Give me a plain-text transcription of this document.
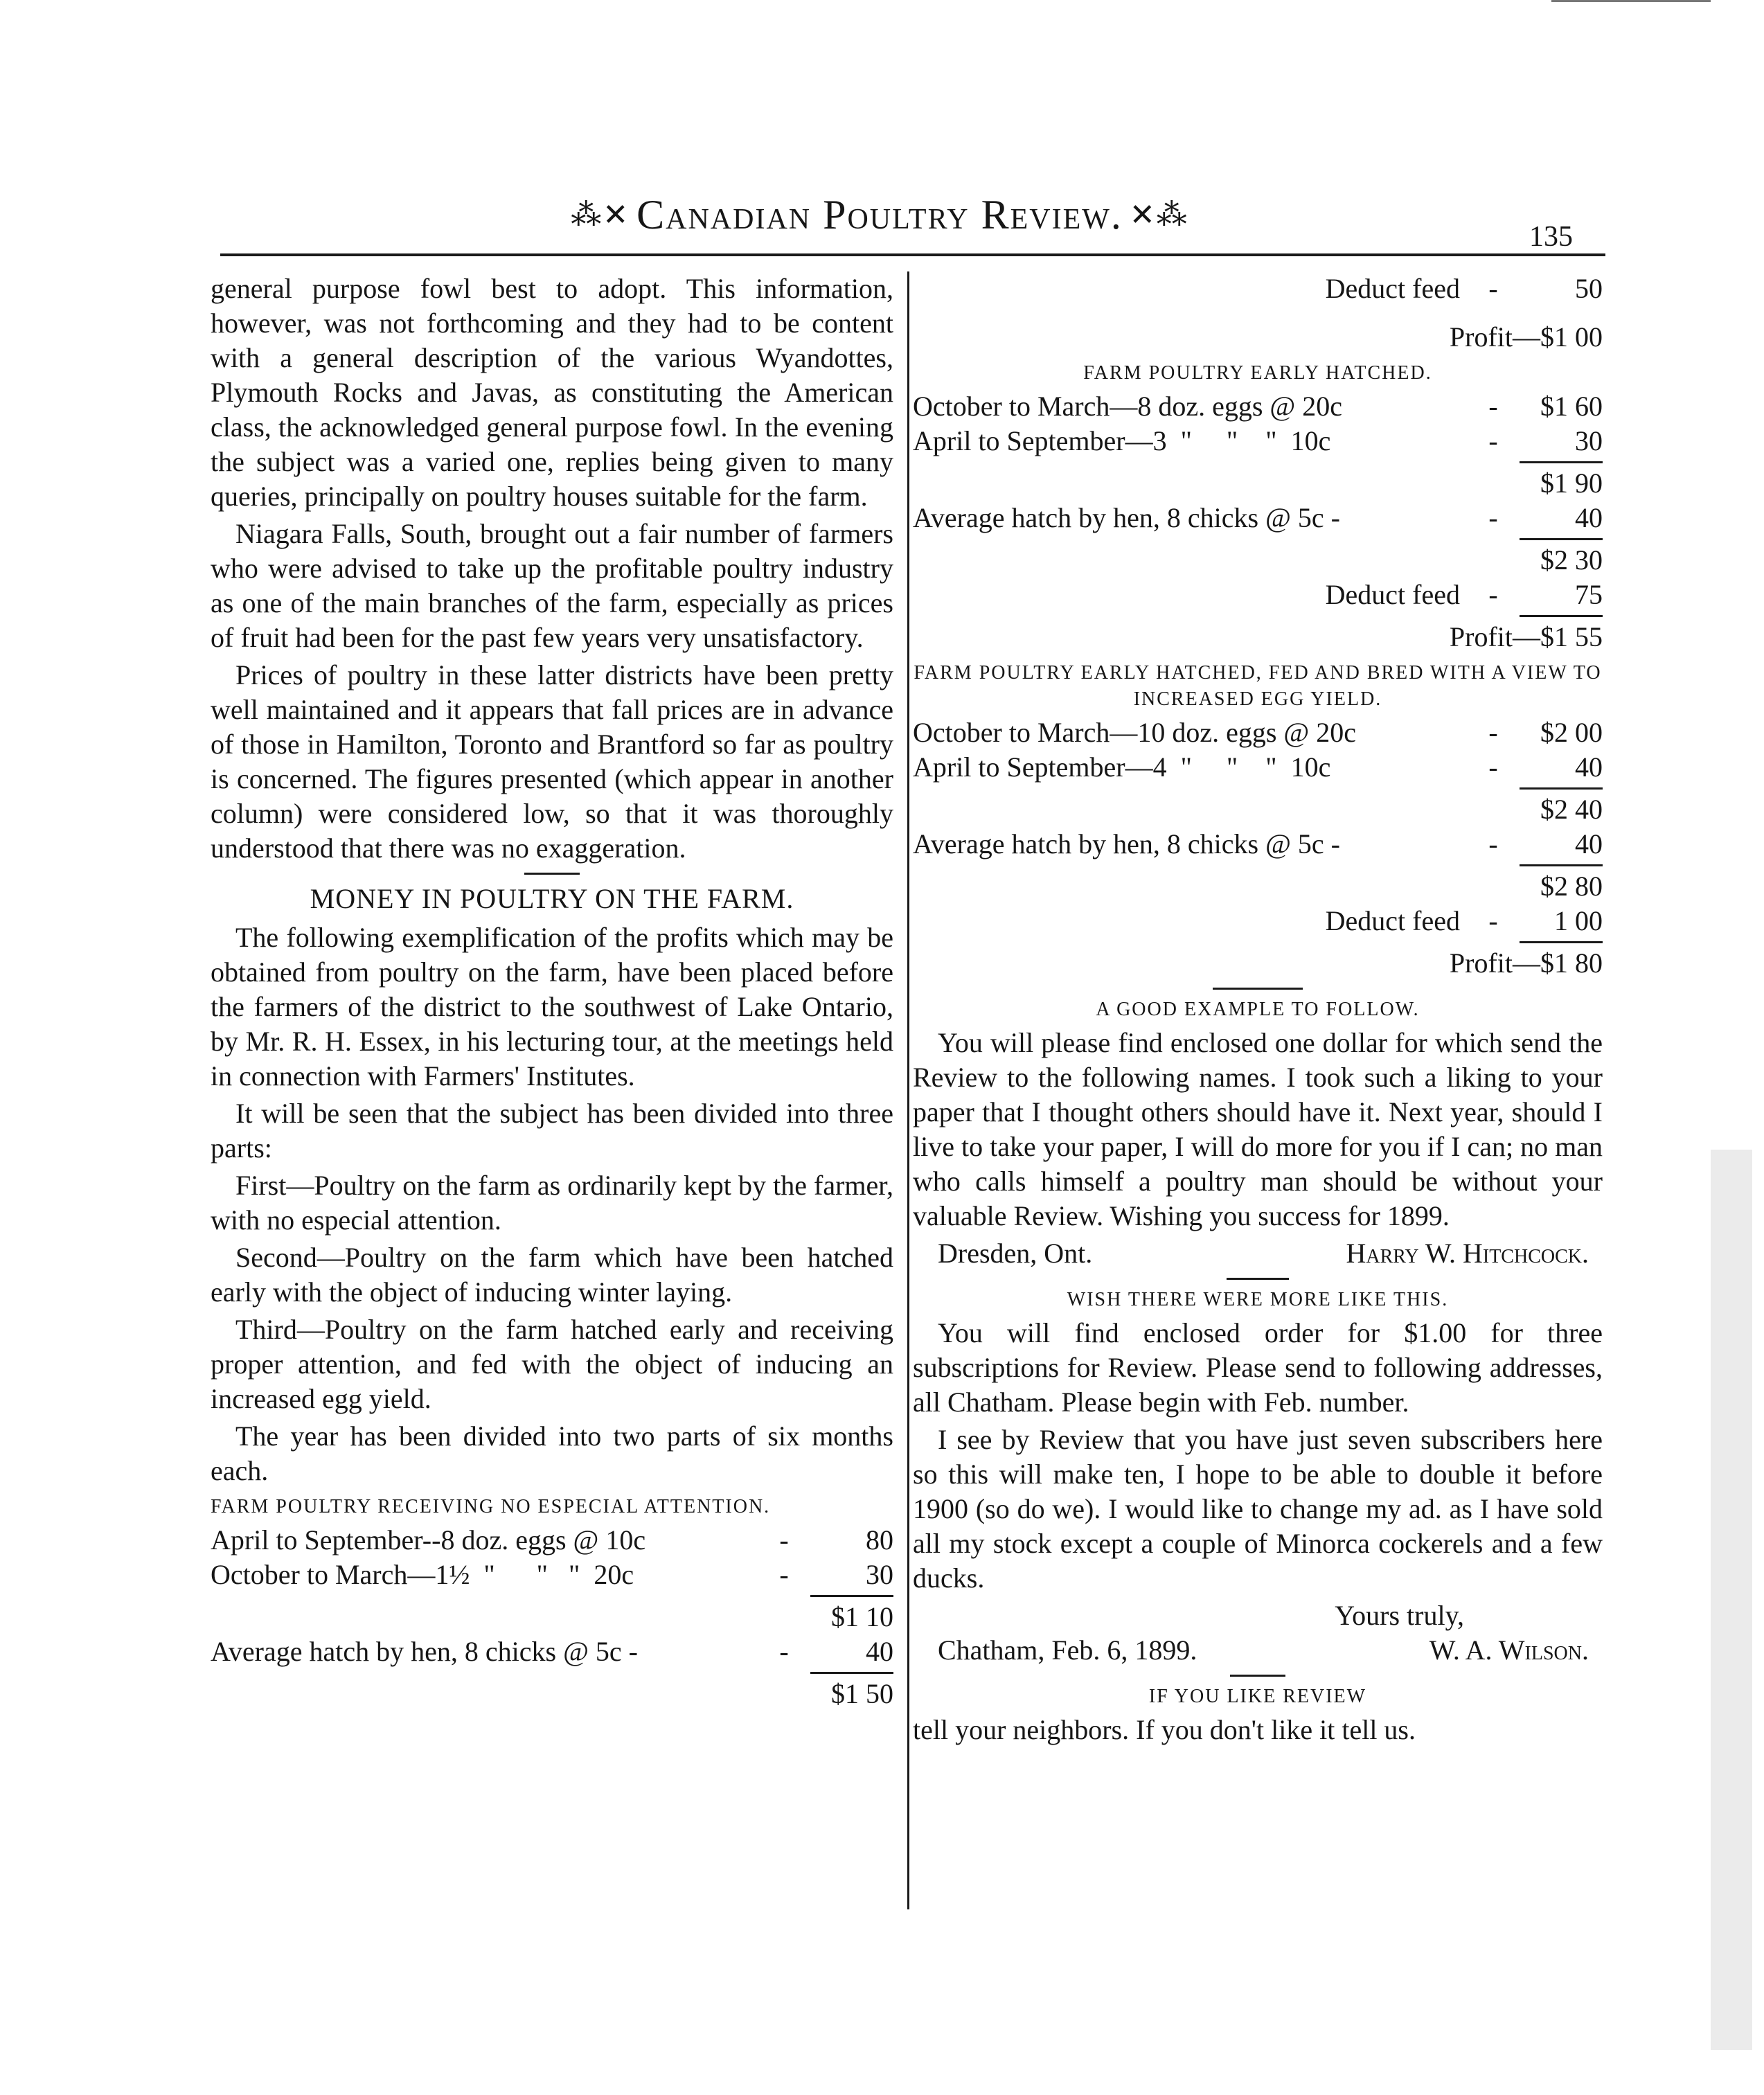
⁂✕ Canadian Poultry Review. ✕⁂
135

general purpose fowl best to adopt. This information, however, was not forthcoming and they had to be content with a general description of the various Wyandottes, Plymouth Rocks and Javas, as constituting the American class, the acknowledged general purpose fowl. In the evening the subject was a varied one, replies being given to many queries, principally on poultry houses suitable for the farm.

Niagara Falls, South, brought out a fair number of farmers who were advised to take up the profitable poultry industry as one of the main branches of the farm, especially as prices of fruit had been for the past few years very unsatisfactory.

Prices of poultry in these latter districts have been pretty well maintained and it appears that fall prices are in advance of those in Hamilton, Toronto and Brantford so far as poultry is concerned. The figures presented (which appear in another column) were considered low, so that it was thoroughly understood that there was no exaggeration.

MONEY IN POULTRY ON THE FARM.

The following exemplification of the profits which may be obtained from poultry on the farm, have been placed before the farmers of the district to the southwest of Lake Ontario, by Mr. R. H. Essex, in his lecturing tour, at the meetings held in connection with Farmers' Institutes.

It will be seen that the subject has been divided into three parts:

First—Poultry on the farm as ordinarily kept by the farmer, with no especial attention.

Second—Poultry on the farm which have been hatched early with the object of inducing winter laying.

Third—Poultry on the farm hatched early and receiving proper attention, and fed with the object of inducing an increased egg yield.

The year has been divided into two parts of six months each.

FARM POULTRY RECEIVING NO ESPECIAL ATTENTION.
April to September--8 doz. eggs @ 10c	-	80
October to March—1½  "      "   "  20c	-	30
$1 10
Average hatch by hen, 8 chicks @ 5c -	-	40
$1 50
Deduct feed	-	50
Profit—$1 00
FARM POULTRY EARLY HATCHED.
October to March—8 doz. eggs @ 20c	-	$1 60
April to September—3  "     "    "  10c	-	30
$1 90
Average hatch by hen, 8 chicks @ 5c -	-	40
$2 30
Deduct feed	-	75
Profit—$1 55
FARM POULTRY EARLY HATCHED, FED AND BRED WITH A VIEW TO INCREASED EGG YIELD.
October to March—10 doz. eggs @ 20c	-	$2 00
April to September—4  "     "    "  10c	-	40
$2 40
Average hatch by hen, 8 chicks @ 5c -	-	40
$2 80
Deduct feed	-	1 00
Profit—$1 80
A GOOD EXAMPLE TO FOLLOW.

You will please find enclosed one dollar for which send the Review to the following names. I took such a liking to your paper that I thought others should have it. Next year, should I live to take your paper, I will do more for you if I can; no man who calls himself a poultry man should be without your valuable Review. Wishing you success for 1899.

Dresden, Ont.	Harry W. Hitchcock.
WISH THERE WERE MORE LIKE THIS.

You will find enclosed order for $1.00 for three subscriptions for Review. Please send to following addresses, all Chatham. Please begin with Feb. number.

I see by Review that you have just seven subscribers here so this will make ten, I hope to be able to double it before 1900 (so do we). I would like to change my ad. as I have sold all my stock except a couple of Minorca cockerels and a few ducks.

Yours truly,
Chatham, Feb. 6, 1899.	W. A. Wilson.
IF YOU LIKE REVIEW

tell your neighbors. If you don't like it tell us.
